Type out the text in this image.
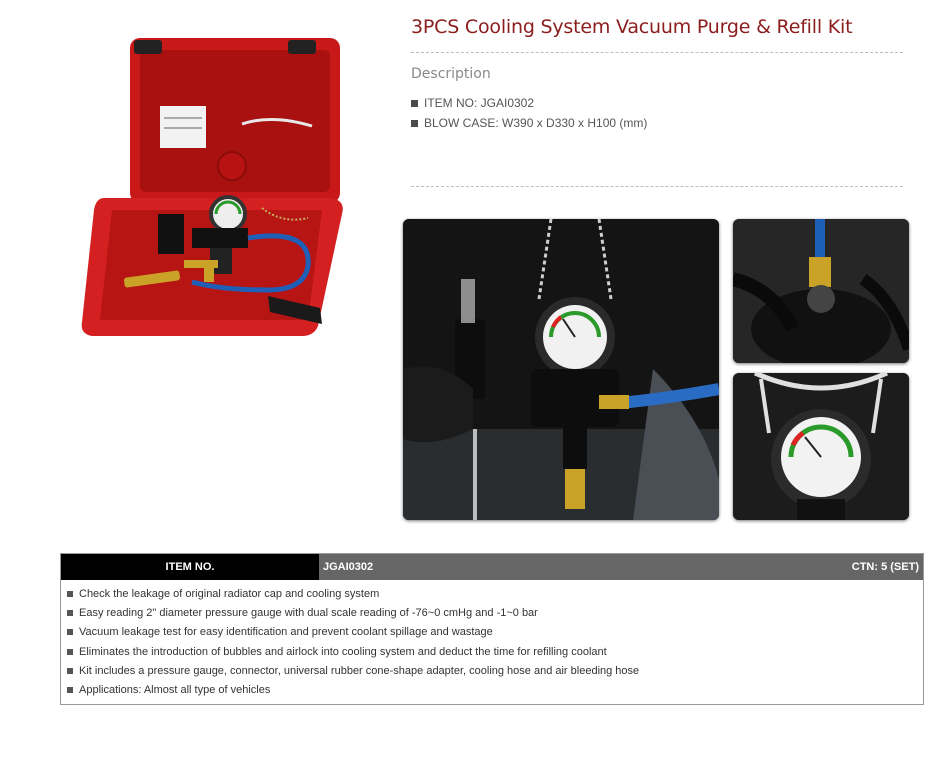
3PCS Cooling System Vacuum Purge & Refill Kit
Description
ITEM NO: JGAI0302
BLOW CASE: W390 x D330 x H100 (mm)
ITEM NO.	JGAI0302	CTN: 5 (SET)
Check the leakage of original radiator cap and cooling system
Easy reading 2" diameter pressure gauge with dual scale reading of -76~0 cmHg and -1~0 bar
Vacuum leakage test for easy identification and prevent coolant spillage and wastage
Eliminates the introduction of bubbles and airlock into cooling system and deduct the time for refilling coolant
Kit includes a pressure gauge, connector, universal rubber cone-shape adapter, cooling hose and air bleeding hose
Applications: Almost all type of vehicles
